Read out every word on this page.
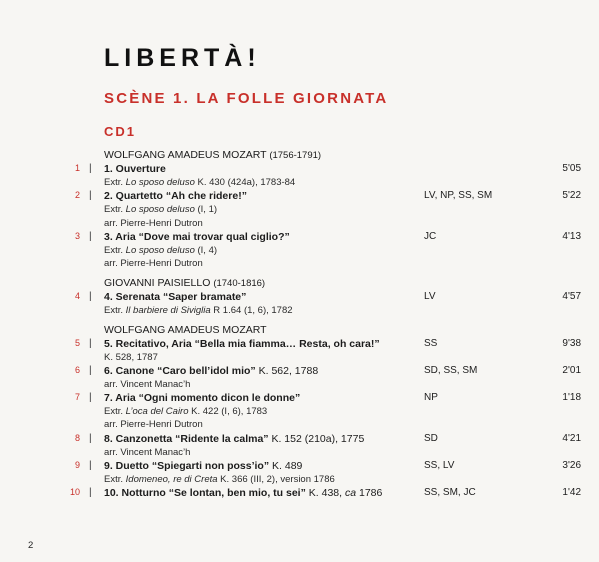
LIBERTÀ!
SCÈNE 1. LA FOLLE GIORNATA
CD1
WOLFGANG AMADEUS MOZART (1756-1791)
1 | 1. Ouverture	5'05
Extr. Lo sposo deluso K. 430 (424a), 1783-84
2 | 2. Quartetto “Ah che ridere!”	LV, NP, SS, SM	5'22
Extr. Lo sposo deluso (I, 1)
arr. Pierre-Henri Dutron
3 | 3. Aria “Dove mai trovar qual ciglio?”	JC	4'13
Extr. Lo sposo deluso (I, 4)
arr. Pierre-Henri Dutron
GIOVANNI PAISIELLO (1740-1816)
4 | 4. Serenata “Saper bramate”	LV	4'57
Extr. Il barbiere di Siviglia R 1.64 (1, 6), 1782
WOLFGANG AMADEUS MOZART
5 | 5. Recitativo, Aria “Bella mia fiamma… Resta, oh cara!”	SS	9'38
K. 528, 1787
6 | 6. Canone “Caro bell’idol mio” K. 562, 1788	SD, SS, SM	2'01
arr. Vincent Manac’h
7 | 7. Aria “Ogni momento dicon le donne”	NP	1'18
Extr. L’oca del Cairo K. 422 (I, 6), 1783
arr. Pierre-Henri Dutron
8 | 8. Canzonetta “Ridente la calma” K. 152 (210a), 1775	SD	4'21
arr. Vincent Manac’h
9 | 9. Duetto “Spiegarti non poss’io” K. 489	SS, LV	3'26
Extr. Idomeneo, re di Creta K. 366 (III, 2), version 1786
10 | 10. Notturno “Se lontan, ben mio, tu sei” K. 438, ca 1786	SS, SM, JC	1'42
2
